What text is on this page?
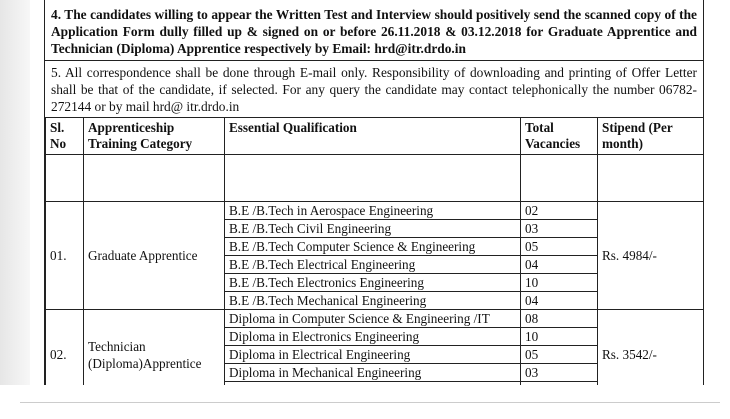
4. The candidates willing to appear the Written Test and Interview should positively send the scanned copy of the Application Form dully filled up & signed on or before 26.11.2018 & 03.12.2018 for Graduate Apprentice and Technician (Diploma) Apprentice respectively by Email: hrd@itr.drdo.in
5. All correspondence shall be done through E-mail only. Responsibility of downloading and printing of Offer Letter shall be that of the candidate, if selected. For any query the candidate may contact telephonically the number 06782-272144 or by mail hrd@ itr.drdo.in
Sl. No	Apprenticeship Training Category	Essential Qualification	Total Vacancies	Stipend (Per month)

01.	Graduate Apprentice	B.E /B.Tech in Aerospace Engineering	02	Rs. 4984/-
		B.E /B.Tech Civil Engineering	03	
		B.E /B.Tech Computer Science & Engineering	05	
		B.E /B.Tech Electrical Engineering	04	
		B.E /B.Tech Electronics Engineering	10	
		B.E /B.Tech Mechanical Engineering	04	
02.	Technician (Diploma)Apprentice	Diploma in Computer Science & Engineering /IT	08	Rs. 3542/-
		Diploma in Electronics Engineering	10	
		Diploma in Electrical Engineering	05	
		Diploma in Mechanical Engineering	03	
